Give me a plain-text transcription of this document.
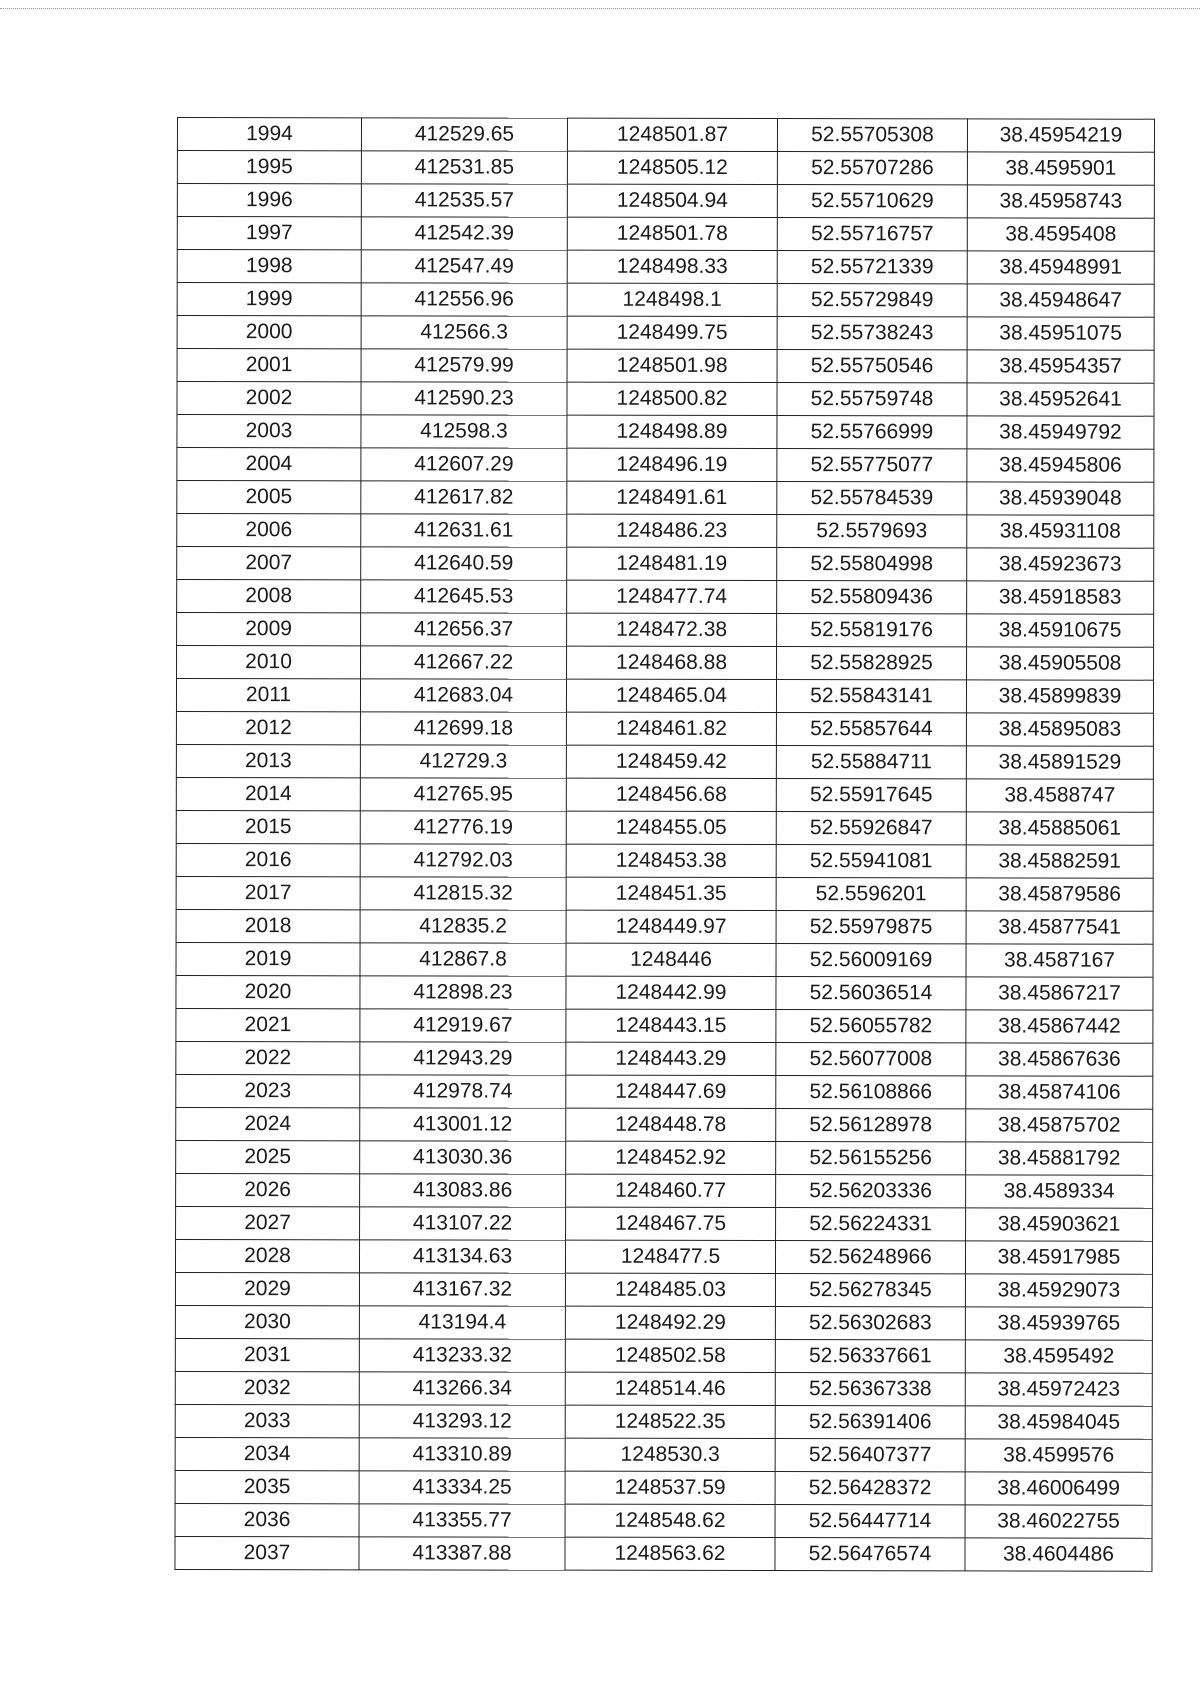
1994	412529.65	1248501.87	52.55705308	38.45954219
1995	412531.85	1248505.12	52.55707286	38.4595901
1996	412535.57	1248504.94	52.55710629	38.45958743
1997	412542.39	1248501.78	52.55716757	38.4595408
1998	412547.49	1248498.33	52.55721339	38.45948991
1999	412556.96	1248498.1	52.55729849	38.45948647
2000	412566.3	1248499.75	52.55738243	38.45951075
2001	412579.99	1248501.98	52.55750546	38.45954357
2002	412590.23	1248500.82	52.55759748	38.45952641
2003	412598.3	1248498.89	52.55766999	38.45949792
2004	412607.29	1248496.19	52.55775077	38.45945806
2005	412617.82	1248491.61	52.55784539	38.45939048
2006	412631.61	1248486.23	52.5579693	38.45931108
2007	412640.59	1248481.19	52.55804998	38.45923673
2008	412645.53	1248477.74	52.55809436	38.45918583
2009	412656.37	1248472.38	52.55819176	38.45910675
2010	412667.22	1248468.88	52.55828925	38.45905508
2011	412683.04	1248465.04	52.55843141	38.45899839
2012	412699.18	1248461.82	52.55857644	38.45895083
2013	412729.3	1248459.42	52.55884711	38.45891529
2014	412765.95	1248456.68	52.55917645	38.4588747
2015	412776.19	1248455.05	52.55926847	38.45885061
2016	412792.03	1248453.38	52.55941081	38.45882591
2017	412815.32	1248451.35	52.5596201	38.45879586
2018	412835.2	1248449.97	52.55979875	38.45877541
2019	412867.8	1248446	52.56009169	38.4587167
2020	412898.23	1248442.99	52.56036514	38.45867217
2021	412919.67	1248443.15	52.56055782	38.45867442
2022	412943.29	1248443.29	52.56077008	38.45867636
2023	412978.74	1248447.69	52.56108866	38.45874106
2024	413001.12	1248448.78	52.56128978	38.45875702
2025	413030.36	1248452.92	52.56155256	38.45881792
2026	413083.86	1248460.77	52.56203336	38.4589334
2027	413107.22	1248467.75	52.56224331	38.45903621
2028	413134.63	1248477.5	52.56248966	38.45917985
2029	413167.32	1248485.03	52.56278345	38.45929073
2030	413194.4	1248492.29	52.56302683	38.45939765
2031	413233.32	1248502.58	52.56337661	38.4595492
2032	413266.34	1248514.46	52.56367338	38.45972423
2033	413293.12	1248522.35	52.56391406	38.45984045
2034	413310.89	1248530.3	52.56407377	38.4599576
2035	413334.25	1248537.59	52.56428372	38.46006499
2036	413355.77	1248548.62	52.56447714	38.46022755
2037	413387.88	1248563.62	52.56476574	38.4604486
